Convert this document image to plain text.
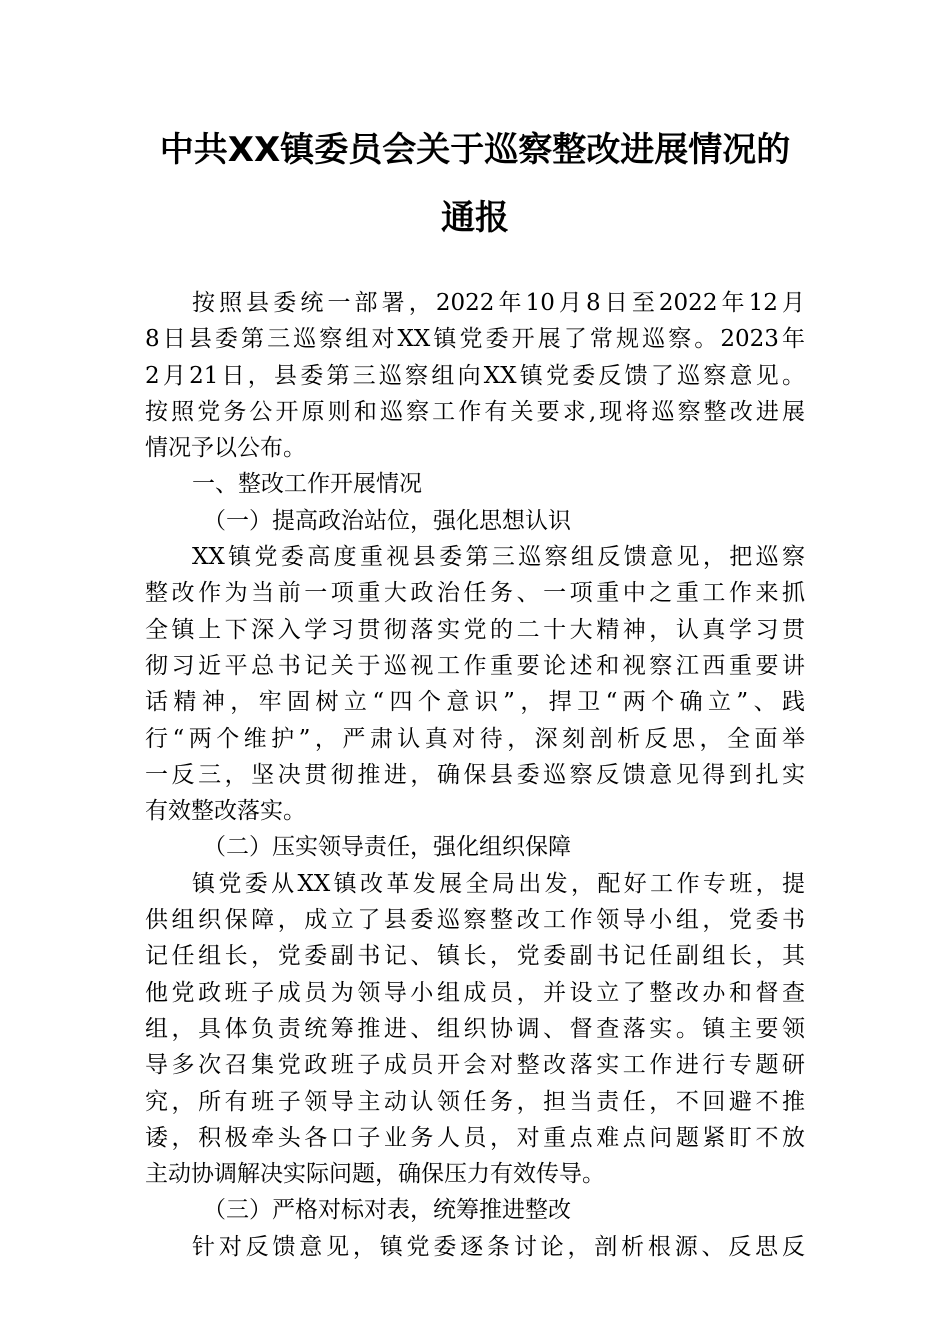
中共XX镇委员会关于巡察整改进展情况的
通报
按照县委统一部署，2022年10月8日至2022年12月
8日县委第三巡察组对XX镇党委开展了常规巡察。2023年
2月21日，县委第三巡察组向XX镇党委反馈了巡察意见。
按照党务公开原则和巡察工作有关要求,现将巡察整改进展
情况予以公布。
一、整改工作开展情况
（一）提高政治站位，强化思想认识
XX镇党委高度重视县委第三巡察组反馈意见，把巡察
整改作为当前一项重大政治任务、一项重中之重工作来抓
全镇上下深入学习贯彻落实党的二十大精神，认真学习贯
彻习近平总书记关于巡视工作重要论述和视察江西重要讲
话精神，牢固树立“四个意识”，捍卫“两个确立”、践
行“两个维护”，严肃认真对待，深刻剖析反思，全面举
一反三，坚决贯彻推进，确保县委巡察反馈意见得到扎实
有效整改落实。
（二）压实领导责任，强化组织保障
镇党委从XX镇改革发展全局出发，配好工作专班，提
供组织保障，成立了县委巡察整改工作领导小组，党委书
记任组长，党委副书记、镇长，党委副书记任副组长，其
他党政班子成员为领导小组成员，并设立了整改办和督查
组，具体负责统筹推进、组织协调、督查落实。镇主要领
导多次召集党政班子成员开会对整改落实工作进行专题研
究，所有班子领导主动认领任务，担当责任，不回避不推
诿，积极牵头各口子业务人员，对重点难点问题紧盯不放
主动协调解决实际问题，确保压力有效传导。
（三）严格对标对表，统筹推进整改
针对反馈意见，镇党委逐条讨论，剖析根源、反思反
